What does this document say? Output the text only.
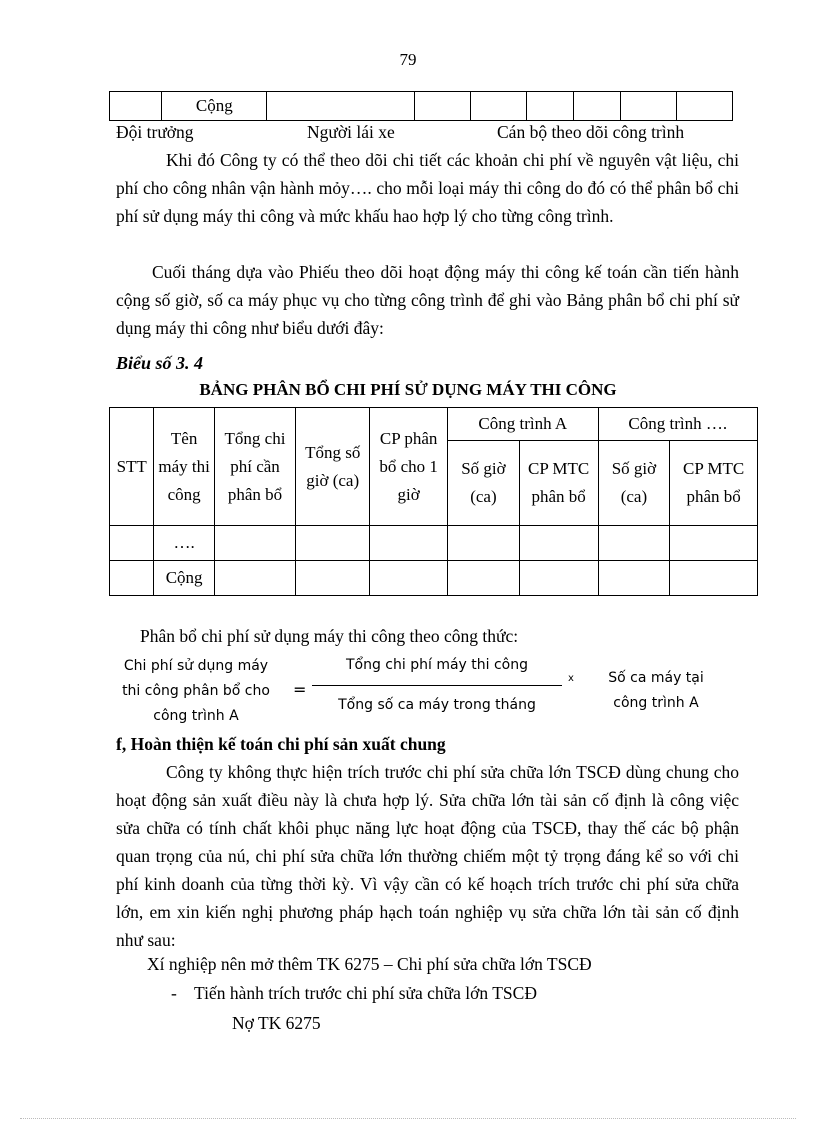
79
	Cộng							
Đội trưởng	Người lái xe	Cán bộ theo dõi công trình
Khi đó Công ty có thể theo dõi chi tiết các khoản chi phí về nguyên vật liệu, chi phí cho công nhân vận hành mỏy…. cho mỗi loại máy thi công do đó có thể phân bổ chi phí sử dụng máy thi công và mức khấu hao hợp lý cho từng công trình.
Cuối tháng dựa vào Phiếu theo dõi hoạt động máy thi công kế toán cần tiến hành cộng số giờ, số ca máy phục vụ cho từng công trình để ghi vào Bảng phân bổ chi phí sử dụng máy thi công như biểu dưới đây:
Biểu số 3. 4
BẢNG PHÂN BỔ CHI PHÍ SỬ DỤNG MÁY THI CÔNG
STT	Tên máy thi công	Tổng chi phí cần phân bổ	Tổng số giờ (ca)	CP phân bổ cho 1 giờ	Công trình A		Công trình ….	
					Số giờ (ca)	CP MTC phân bổ	Số giờ (ca)	CP MTC phân bổ
	….							
	Cộng							
Phân bổ chi phí sử dụng máy thi công theo công thức:
Chi phí sử dụng máy
thi công phân bổ cho
công trình A
=
Tổng chi phí máy thi công
Tổng số ca máy trong tháng
x	Số ca máy tại
công trình A
f, Hoàn thiện kế toán chi phí sản xuất chung
Công ty không thực hiện trích trước chi phí sửa chữa lớn TSCĐ dùng chung cho hoạt động sản xuất điều này là chưa hợp lý. Sửa chữa lớn tài sản cố định là công việc sửa chữa có tính chất khôi phục năng lực hoạt động của TSCĐ, thay thế các bộ phận quan trọng của nú, chi phí sửa chữa lớn thường chiếm một tỷ trọng đáng kể so với chi phí kinh doanh của từng thời kỳ. Vì vậy cần có kế hoạch trích trước chi phí sửa chữa lớn, em xin kiến nghị phương pháp hạch toán nghiệp vụ sửa chữa lớn tài sản cố định như sau:
Xí nghiệp nên mở thêm TK 6275 – Chi phí sửa chữa lớn TSCĐ
- Tiến hành trích trước chi phí sửa chữa lớn TSCĐ
Nợ TK 6275
